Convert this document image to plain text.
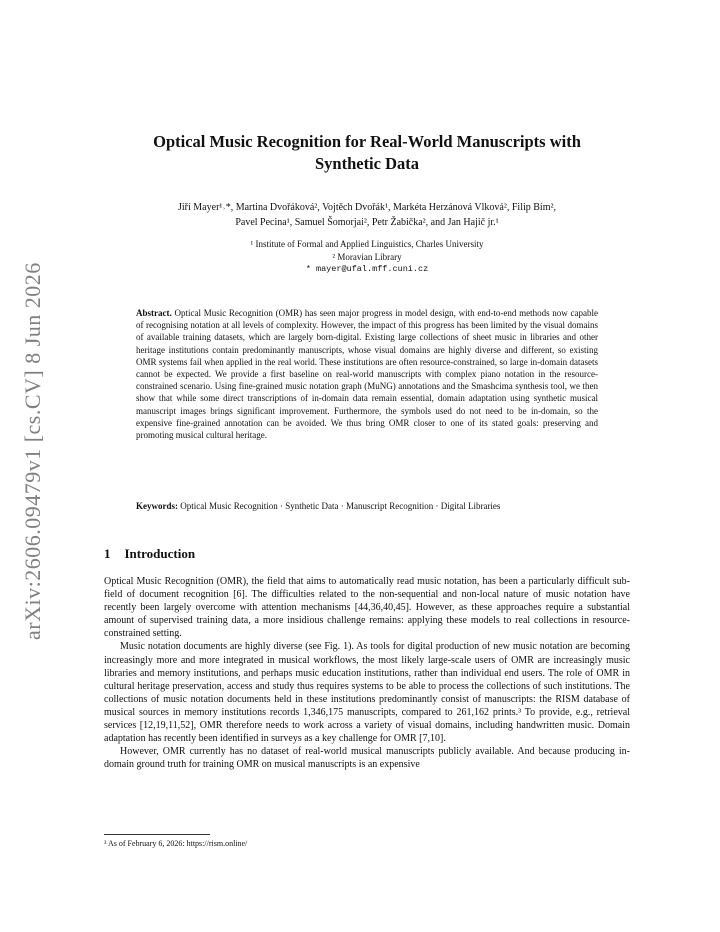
arXiv:2606.09479v1 [cs.CV] 8 Jun 2026
Optical Music Recognition for Real-World Manuscripts with
Synthetic Data
Jiří Mayer¹˒*, Martina Dvořáková², Vojtěch Dvořák¹, Markéta Herzánová Vlková², Filip Bím²,
Pavel Pecina¹, Samuel Šomorjai², Petr Žabička², and Jan Hajič jr.¹
¹ Institute of Formal and Applied Linguistics, Charles University
² Moravian Library
* mayer@ufal.mff.cuni.cz
Abstract. Optical Music Recognition (OMR) has seen major progress in model design, with end-to-end methods now capable of recognising notation at all levels of complexity. However, the impact of this progress has been limited by the visual domains of available training datasets, which are largely born-digital. Existing large collections of sheet music in libraries and other heritage institutions contain predominantly manuscripts, whose visual domains are highly diverse and different, so existing OMR systems fail when applied in the real world. These institutions are often resource-constrained, so large in-domain datasets cannot be expected. We provide a first baseline on real-world manuscripts with complex piano notation in the resource-constrained scenario. Using fine-grained music notation graph (MuNG) annotations and the Smashcima synthesis tool, we then show that while some direct transcriptions of in-domain data remain essential, domain adaptation using synthetic musical manuscript images brings significant improvement. Furthermore, the symbols used do not need to be in-domain, so the expensive fine-grained annotation can be avoided. We thus bring OMR closer to one of its stated goals: preserving and promoting musical cultural heritage.
Keywords: Optical Music Recognition · Synthetic Data · Manuscript Recognition · Digital Libraries
1 Introduction

Optical Music Recognition (OMR), the field that aims to automatically read music notation, has been a particularly difficult sub-field of document recognition [6]. The difficulties related to the non-sequential and non-local nature of music notation have recently been largely overcome with attention mechanisms [44,36,40,45]. However, as these approaches require a substantial amount of supervised training data, a more insidious challenge remains: applying these models to real collections in resource-constrained setting.

Music notation documents are highly diverse (see Fig. 1). As tools for digital production of new music notation are becoming increasingly more and more integrated in musical workflows, the most likely large-scale users of OMR are increasingly music libraries and memory institutions, and perhaps music education institutions, rather than individual end users. The role of OMR in cultural heritage preservation, access and study thus requires systems to be able to process the collections of such institutions. The collections of music notation documents held in these institutions predominantly consist of manuscripts: the RISM database of musical sources in memory institutions records 1,346,175 manuscripts, compared to 261,162 prints.³ To provide, e.g., retrieval services [12,19,11,52], OMR therefore needs to work across a variety of visual domains, including handwritten music. Domain adaptation has recently been identified in surveys as a key challenge for OMR [7,10].

However, OMR currently has no dataset of real-world musical manuscripts publicly available. And because producing in-domain ground truth for training OMR on musical manuscripts is an expensive

³ As of February 6, 2026: https://rism.online/
